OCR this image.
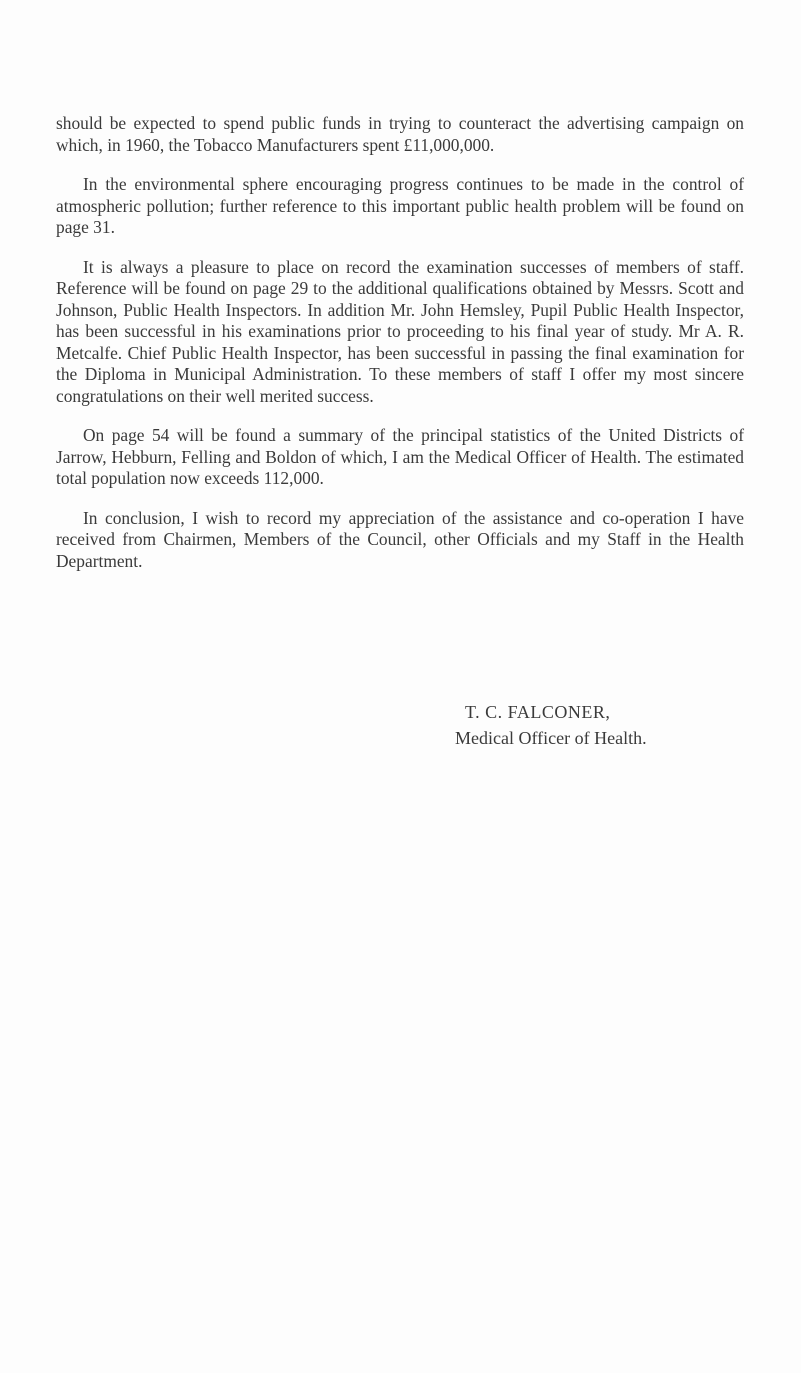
should be expected to spend public funds in trying to counteract the advertising campaign on which, in 1960, the Tobacco Manufacturers spent £11,000,000.

In the environmental sphere encouraging progress continues to be made in the control of atmospheric pollution; further reference to this important public health problem will be found on page 31.

It is always a pleasure to place on record the examination successes of members of staff. Reference will be found on page 29 to the additional qualifications obtained by Messrs. Scott and Johnson, Public Health Inspectors. In addition Mr. John Hemsley, Pupil Public Health Inspector, has been successful in his examinations prior to proceeding to his final year of study. Mr A. R. Metcalfe. Chief Public Health Inspector, has been successful in passing the final examination for the Diploma in Municipal Administration. To these members of staff I offer my most sincere congratulations on their well merited success.

On page 54 will be found a summary of the principal statistics of the United Districts of Jarrow, Hebburn, Felling and Boldon of which, I am the Medical Officer of Health. The estimated total population now exceeds 112,000.

In conclusion, I wish to record my appreciation of the assistance and co-operation I have received from Chairmen, Members of the Council, other Officials and my Staff in the Health Department.

T. C. FALCONER,
Medical Officer of Health.
